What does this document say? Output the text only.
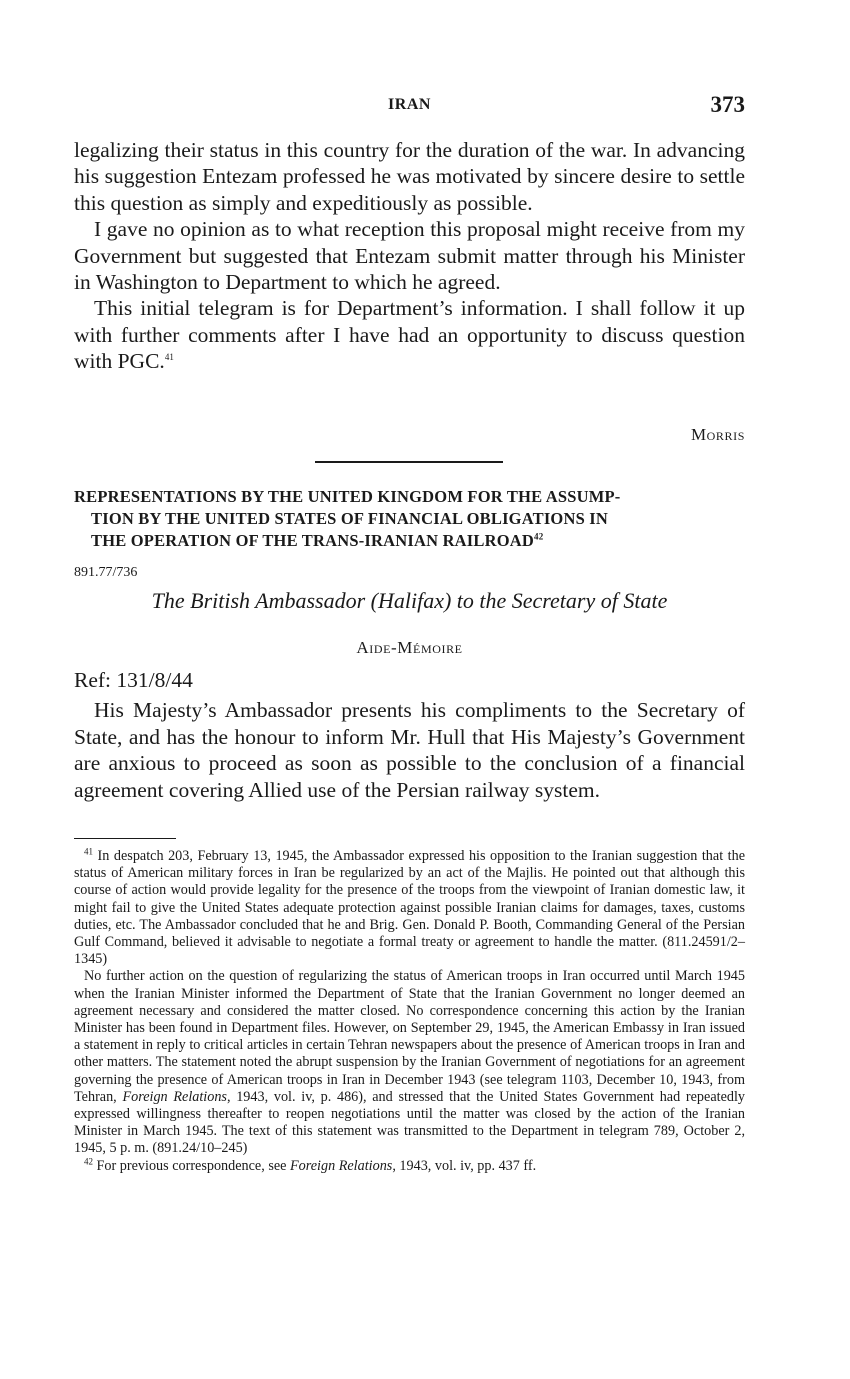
IRAN	373

legalizing their status in this country for the duration of the war. In advancing his suggestion Entezam professed he was motivated by sincere desire to settle this question as simply and expeditiously as possible.

I gave no opinion as to what reception this proposal might receive from my Government but suggested that Entezam submit matter through his Minister in Washington to Department to which he agreed.

This initial telegram is for Department’s information. I shall follow it up with further comments after I have had an opportunity to discuss question with PGC.$^{41}$

Morris
REPRESENTATIONS BY THE UNITED KINGDOM FOR THE ASSUMP-
TION BY THE UNITED STATES OF FINANCIAL OBLIGATIONS IN
THE OPERATION OF THE TRANS-IRANIAN RAILROAD$^{42}$
891.77/736
The British Ambassador (Halifax) to the Secretary of State
Aide-Mémoire
Ref: 131/8/44

His Majesty’s Ambassador presents his compliments to the Secretary of State, and has the honour to inform Mr. Hull that His Majesty’s Government are anxious to proceed as soon as possible to the conclusion of a financial agreement covering Allied use of the Persian railway system.

$^{41}$ In despatch 203, February 13, 1945, the Ambassador expressed his opposition to the Iranian suggestion that the status of American military forces in Iran be regularized by an act of the Majlis. He pointed out that although this course of action would provide legality for the presence of the troops from the viewpoint of Iranian domestic law, it might fail to give the United States adequate protection against possible Iranian claims for damages, taxes, customs duties, etc. The Ambassador concluded that he and Brig. Gen. Donald P. Booth, Commanding General of the Persian Gulf Command, believed it advisable to negotiate a formal treaty or agreement to handle the matter. (811.24591/2–1345)

No further action on the question of regularizing the status of American troops in Iran occurred until March 1945 when the Iranian Minister informed the Department of State that the Iranian Government no longer deemed an agreement necessary and considered the matter closed. No correspondence concerning this action by the Iranian Minister has been found in Department files. However, on September 29, 1945, the American Embassy in Iran issued a statement in reply to critical articles in certain Tehran newspapers about the presence of American troops in Iran and other matters. The statement noted the abrupt suspension by the Iranian Government of negotiations for an agreement governing the presence of American troops in Iran in December 1943 (see telegram 1103, December 10, 1943, from Tehran, Foreign Relations, 1943, vol. iv, p. 486), and stressed that the United States Government had repeatedly expressed willingness thereafter to reopen negotiations until the matter was closed by the action of the Iranian Minister in March 1945. The text of this statement was transmitted to the Department in telegram 789, October 2, 1945, 5 p. m. (891.24/10–245)

$^{42}$ For previous correspondence, see Foreign Relations, 1943, vol. iv, pp. 437 ff.
